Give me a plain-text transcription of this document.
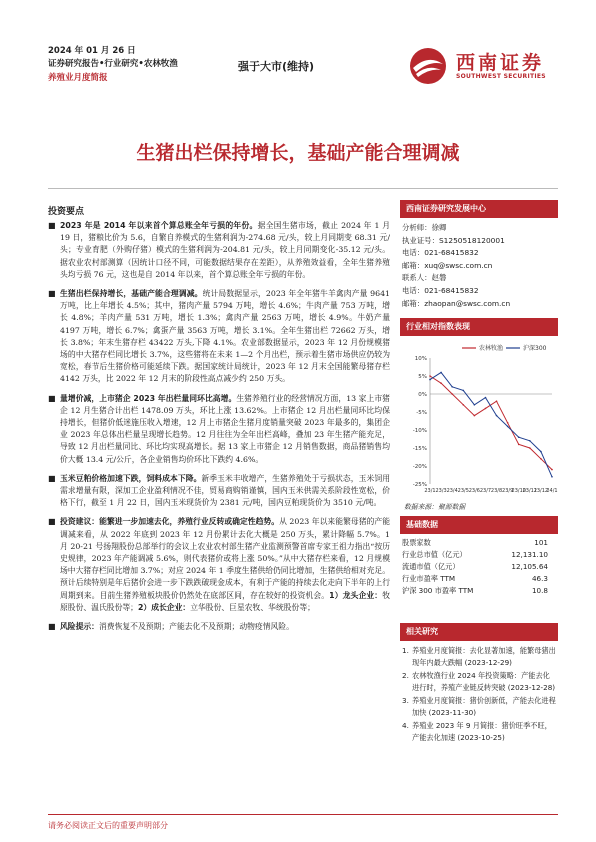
2024 年 01 月 26 日
证券研究报告•行业研究•农林牧渔
养殖业月度简报
强于大市(维持)	西南证券
SOUTHWEST SECURITIES
生猪出栏保持增长，基础产能合理调减
投资要点
■ 2023 年是 2014 年以来首个算总账全年亏损的年份。据全国生猪市场，截止 2024 年 1 月 19 日，猪粮比价为 5.6，自繁自养模式的生猪利润为-274.68 元/头，较上月同期变 68.31 元/头；专业育肥（外购仔猪）模式的生猪利润为-204.81 元/头，较上月同期变化-35.12 元/头。据农业农村部测算（因统计口径不同，可能数据结果存在差距），从养殖效益看，全年生猪养殖头均亏损 76 元，这也是自 2014 年以来，首个算总账全年亏损的年份。
■ 生猪出栏保持增长，基础产能合理调减。统计局数据显示，2023 年全年猪牛羊禽肉产量 9641 万吨，比上年增长 4.5%；其中，猪肉产量 5794 万吨，增长 4.6%；牛肉产量 753 万吨，增长 4.8%；羊肉产量 531 万吨，增长 1.3%；禽肉产量 2563 万吨，增长 4.9%。牛奶产量 4197 万吨，增长 6.7%；禽蛋产量 3563 万吨，增长 3.1%。全年生猪出栏 72662 万头，增长 3.8%；年末生猪存栏 43422 万头,下降 4.1%。农业部数据显示，2023 年 12 月份规模猪场的中大猪存栏同比增长 3.7%，这些猪将在未来 1—2 个月出栏，预示着生猪市场供应仍较为宽松，春节后生猪价格可能延续下跌。据国家统计局统计，2023 年 12 月末全国能繁母猪存栏 4142 万头，比 2022 年 12 月末的阶段性高点减少约 250 万头。
■ 量增价减，上市猪企 2023 年出栏量同环比高增。生猪养殖行业的经营情况方面，13 家上市猪企 12 月生猪合计出栏 1478.09 万头，环比上涨 13.62%。上市猪企 12 月出栏量同环比均保持增长，但猪价低迷施压收入增速，12 月上市猪企生猪月度销量突破 2023 年最多的，集团企业 2023 年总体出栏量呈现增长趋势。12 月往往为全年出栏高峰，叠加 23 年生猪产能充足，导致 12 月出栏量同比、环比均实现高增长。据 13 家上市猪企 12 月销售数据，商品猪销售均价大概 13.4 元/公斤，各企业销售均价环比下跌约 4.6%。
■ 玉米豆粕价格加速下跌，饲料成本下降。新季玉米丰收增产，生猪养殖处于亏损状态，玉米饲用需求增量有限，深加工企业盈利情况不佳，贸易商购销谨慎，国内玉米供需关系阶段性宽松，价格下行，截至 1 月 22 日，国内玉米现货价为 2381 元/吨，国内豆粕现货价为 3510 元/吨。
■ 投资建议：能繁进一步加速去化，养殖行业反转或确定性趋势。从 2023 年以来能繁母猪的产能调减来看，从 2022 年底到 2023 年 12 月份累计去化大概是 250 万头，累计降幅 5.7%。1 月 20-21 号扬翔股份总部举行的会议上农业农村部生猪产业监测预警首席专家王祖力指出“按历史规律，2023 年产能调减 5.6%，则代表猪价或将上涨 50%。”从中大猪存栏来看，12 月规模场中大猪存栏同比增加 3.7%；对应 2024 年 1 季度生猪供给仍同比增加，生猪供给相对充足。预计后续特别是年后猪价会进一步下跌跌破现金成本，有利于产能的持续去化走向下半年的上行周期到来。目前生猪养殖板块股价仍然处在底部区间，存在较好的投资机会。1）龙头企业：牧原股份、温氏股份等；2）成长企业：立华股份、巨星农牧、华统股份等；
■ 风险提示：消费恢复不及预期；产能去化不及预期；动物疫情风险。
西南证券研究发展中心
分析师：徐卿
执业证号：S1250518120001
电话：021-68415832
邮箱：xuq@swsc.com.cn
联系人：赵磐
电话：021-68415832
邮箱：zhaopan@swsc.com.cn
行业相对指数表现
10%
5%
0%
-5%
-10%
-15%
-20%
-25%
23/1 23/3 23/4 23/5 23/6 23/7 23/8 23/9
23/10
23/11
23/12
24/1
农林牧渔	沪深300
数据来源：聚源数据
基础数据
股票家数	101
行业总市值（亿元）	12,131.10
流通市值（亿元）	12,105.64
行业市盈率 TTM	46.3
沪深 300 市盈率 TTM	10.8
相关研究
1. 养殖业月度简报：去化显著加速，能繁母猪出现年内最大跌幅 (2023-12-29)
2. 农林牧渔行业 2024 年投资策略：产能去化进行时，养殖产业链反转突破 (2023-12-28)
3. 养殖业月度简报：猪价创新低，产能去化进程加快 (2023-11-30)
4. 养殖业 2023 年 9 月简报：猪价旺季不旺，产能去化加速 (2023-10-25)
请务必阅读正文后的重要声明部分
